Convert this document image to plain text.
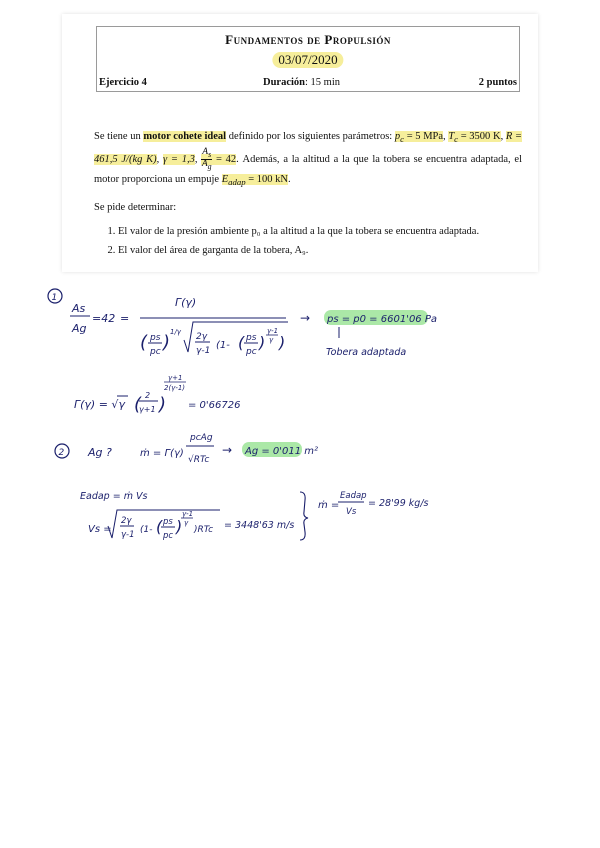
Fundamentos de Propulsión
03/07/2020
Ejercicio 4	Duración: 15 min	2 puntos
Se tiene un motor cohete ideal definido por los siguientes parámetros: $p_c = 5$ MPa, $T_c = 3500$ K, R = 461,5 J/(kg K), γ = 1,3, $\frac{A_s}{A_g} = 42$. Además, a la altitud a la que la tobera se encuentra adaptada, el motor proporciona un empuje $E_{adap} = 100$ kN.
Se pide determinar:
1. El valor de la presión ambiente p₀ a la altitud a la que la tobera se encuentra adaptada.
2. El valor del área de garganta de la tobera, A₉.
1
As
Ag
=42 =
Γ(γ)
( ps
pc ) 1/γ 2γ
γ-1 (1- ( ps
pc )
γ-1
γ )
→ ps = p0 = 6601'06 Pa
Tobera adaptada
Γ(γ) = √γ ( 2
γ+1 )
γ+1
2(γ-1)
= 0'66726
2 Ag ?	ṁ = Γ(γ)
pcAg
√RTc
→ Ag = 0'011 m²
Eadap = ṁ Vs
Vs =
2γ
γ-1 (1- ( ps
pc )
γ-1
γ
)RTc = 3448'63 m/s
ṁ =
Eadap
Vs
= 28'99 kg/s
